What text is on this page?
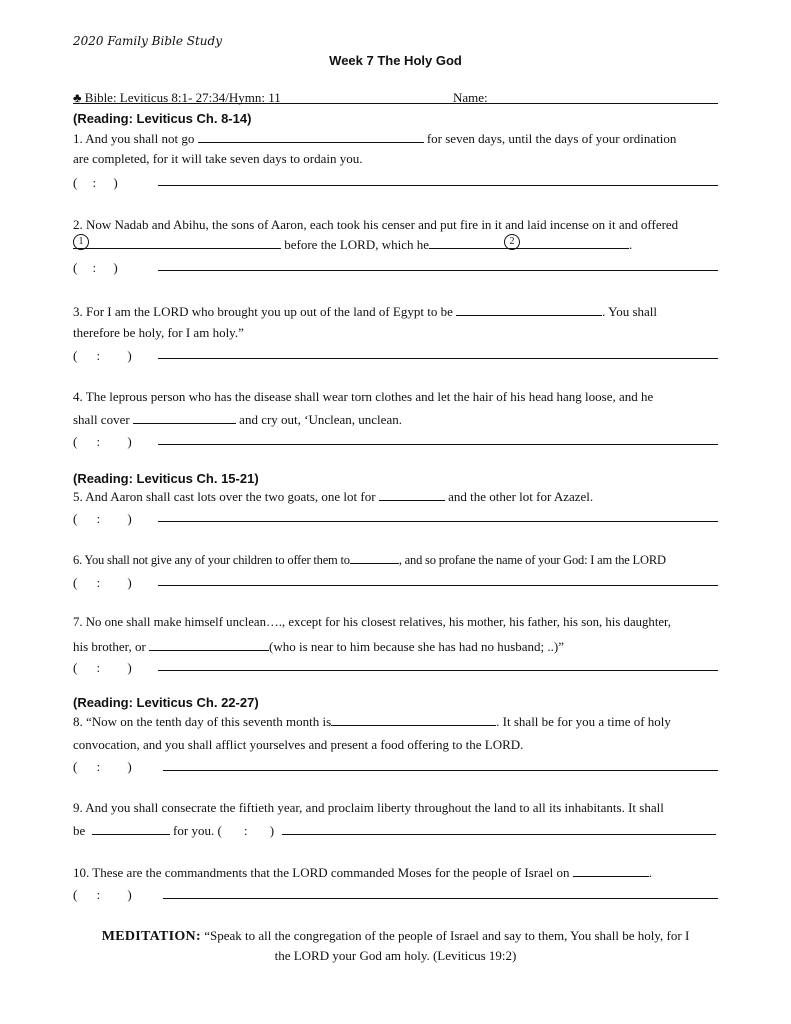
2020 Family Bible Study
Week 7 The Holy God
♣ Bible: Leviticus 8:1- 27:34/Hymn: 11	Name:
(Reading: Leviticus Ch. 8-14)
1. And you shall not go	for seven days, until the days of your ordination
are completed, for it will take seven days to ordain you.
( : )
2. Now Nadab and Abihu, the sons of Aaron, each took his censer and put fire in it and laid incense on it and offered
1	before the LORD, which he	2	.
( : )
3. For I am the LORD who brought you up out of the land of Egypt to be	. You shall
therefore be holy, for I am holy.”
( : )
4. The leprous person who has the disease shall wear torn clothes and let the hair of his head hang loose, and he
shall cover	and cry out, ‘Unclean, unclean.
( : )
(Reading: Leviticus Ch. 15-21)
5. And Aaron shall cast lots over the two goats, one lot for	and the other lot for Azazel.
( : )
6. You shall not give any of your children to offer them to	, and so profane the name of your God: I am the LORD
( : )
7. No one shall make himself unclean…., except for his closest relatives, his mother, his father, his son, his daughter,
his brother, or	(who is near to him because she has had no husband; ..)”
( : )
(Reading: Leviticus Ch. 22-27)
8. “Now on the tenth day of this seventh month is	. It shall be for you a time of holy
convocation, and you shall afflict yourselves and present a food offering to the LORD.
( : )
9. And you shall consecrate the fiftieth year, and proclaim liberty throughout the land to all its inhabitants. It shall
be	for you. ( : )
10. These are the commandments that the LORD commanded Moses for the people of Israel on	.
( : )
MEDITATION: “Speak to all the congregation of the people of Israel and say to them, You shall be holy, for I
the LORD your God am holy. (Leviticus 19:2)
